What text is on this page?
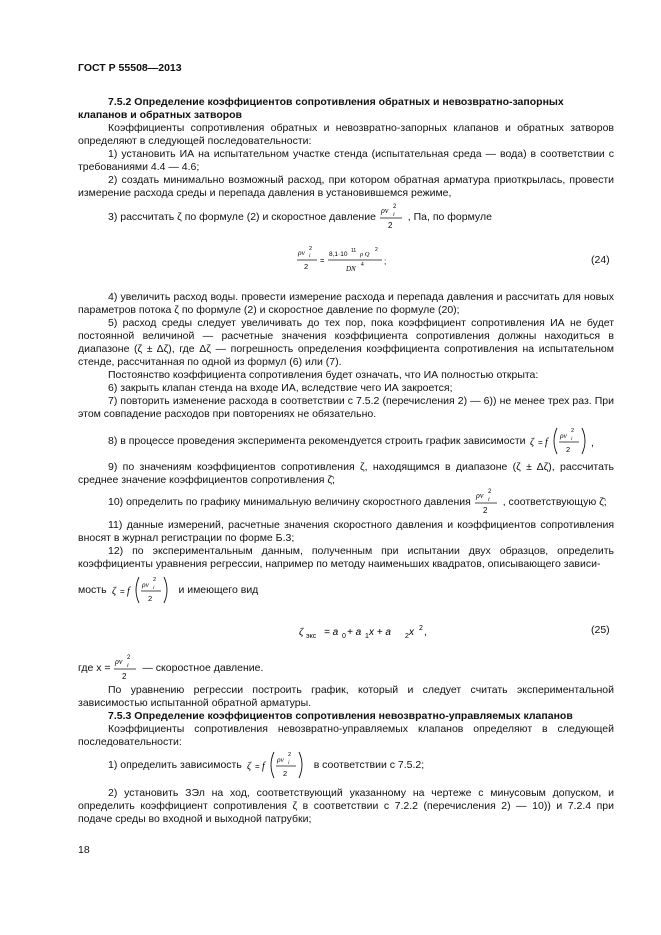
ГОСТ Р 55508—2013
7.5.2 Определение коэффициентов сопротивления обратных и невозвратно-запорных
клапанов и обратных затворов
Коэффициенты сопротивления обратных и невозвратно-запорных клапанов и обратных затворов определяют в следующей последовательности:
1) установить ИА на испытательном участке стенда (испытательная среда — вода) в соответствии с требованиями 4.4 — 4.6;
2) создать минимально возможный расход, при котором обратная арматура приоткрылась, провести измерение расхода среды и перепада давления в установившемся режиме,
3) рассчитать ζ по формуле (2) и скоростное давление
ρv 2
i
2
, Па, по формуле
ρv 2
i
2
=
8,1·10 11 ρ Q
2
DN 4	;	(24)
4) увеличить расход воды. провести измерение расхода и перепада давления и рассчитать для новых параметров потока ζ по формуле (2) и скоростное давление по формуле (20);
5) расход среды следует увеличивать до тех пор, пока коэффициент сопротивления ИА не будет постоянной величиной — расчетные значения коэффициента сопротивления должны находиться в диапазоне (ζ ± Δζ), где Δζ — погрешность определения коэффициента сопротивления на испытательном стенде, рассчитанная по одной из формул (6) или (7).
Постоянство коэффициента сопротивления будет означать, что ИА полностью открыта:
6) закрыть клапан стенда на входе ИА, вследствие чего ИА закроется;
7) повторить изменение расхода в соответствии с 7.5.2 (перечисления 2) — 6)) не менее трех раз. При этом совпадение расходов при повторениях не обязательно.
8) в процессе проведения эксперимента рекомендуется строить график зависимости ζ = f
ρv 2
i
2
,
9) по значениям коэффициентов сопротивления ζ, находящимся в диапазоне (ζ ± Δζ), рассчитать среднее значение коэффициентов сопротивления ζ̄;
10) определить по графику минимальную величину скоростного давления
ρv 2
i
2
, соответствующую ζ̄;
11) данные измерений, расчетные значения скоростного давления и коэффициентов сопротивления вносят в журнал регистрации по форме Б.3;
12) по экспериментальным данным, полученным при испытании двух образцов, определить коэффициенты уравнения регрессии, например по методу наименьших квадратов, описывающего зависи-
мость ζ = f
ρv 2
i
2
и имеющего вид
ζ экс = a 0 + a 1 x + a 2 x 2 ,	(25)
где x =
ρv 2
i
2
— скоростное давление.
По уравнению регрессии построить график, который и следует считать экспериментальной зависимостью испытанной обратной арматуры.
7.5.3 Определение коэффициентов сопротивления невозвратно-управляемых клапанов
Коэффициенты сопротивления невозвратно-управляемых клапанов определяют в следующей последовательности:
1) определить зависимость ζ = f
ρv 2
i
2
в соответствии с 7.5.2;
2) установить ЗЭл на ход, соответствующий указанному на чертеже с минусовым допуском, и определить коэффициент сопротивления ζ в соответствии с 7.2.2 (перечисления 2) — 10)) и 7.2.4 при подаче среды во входной и выходной патрубки;
18
